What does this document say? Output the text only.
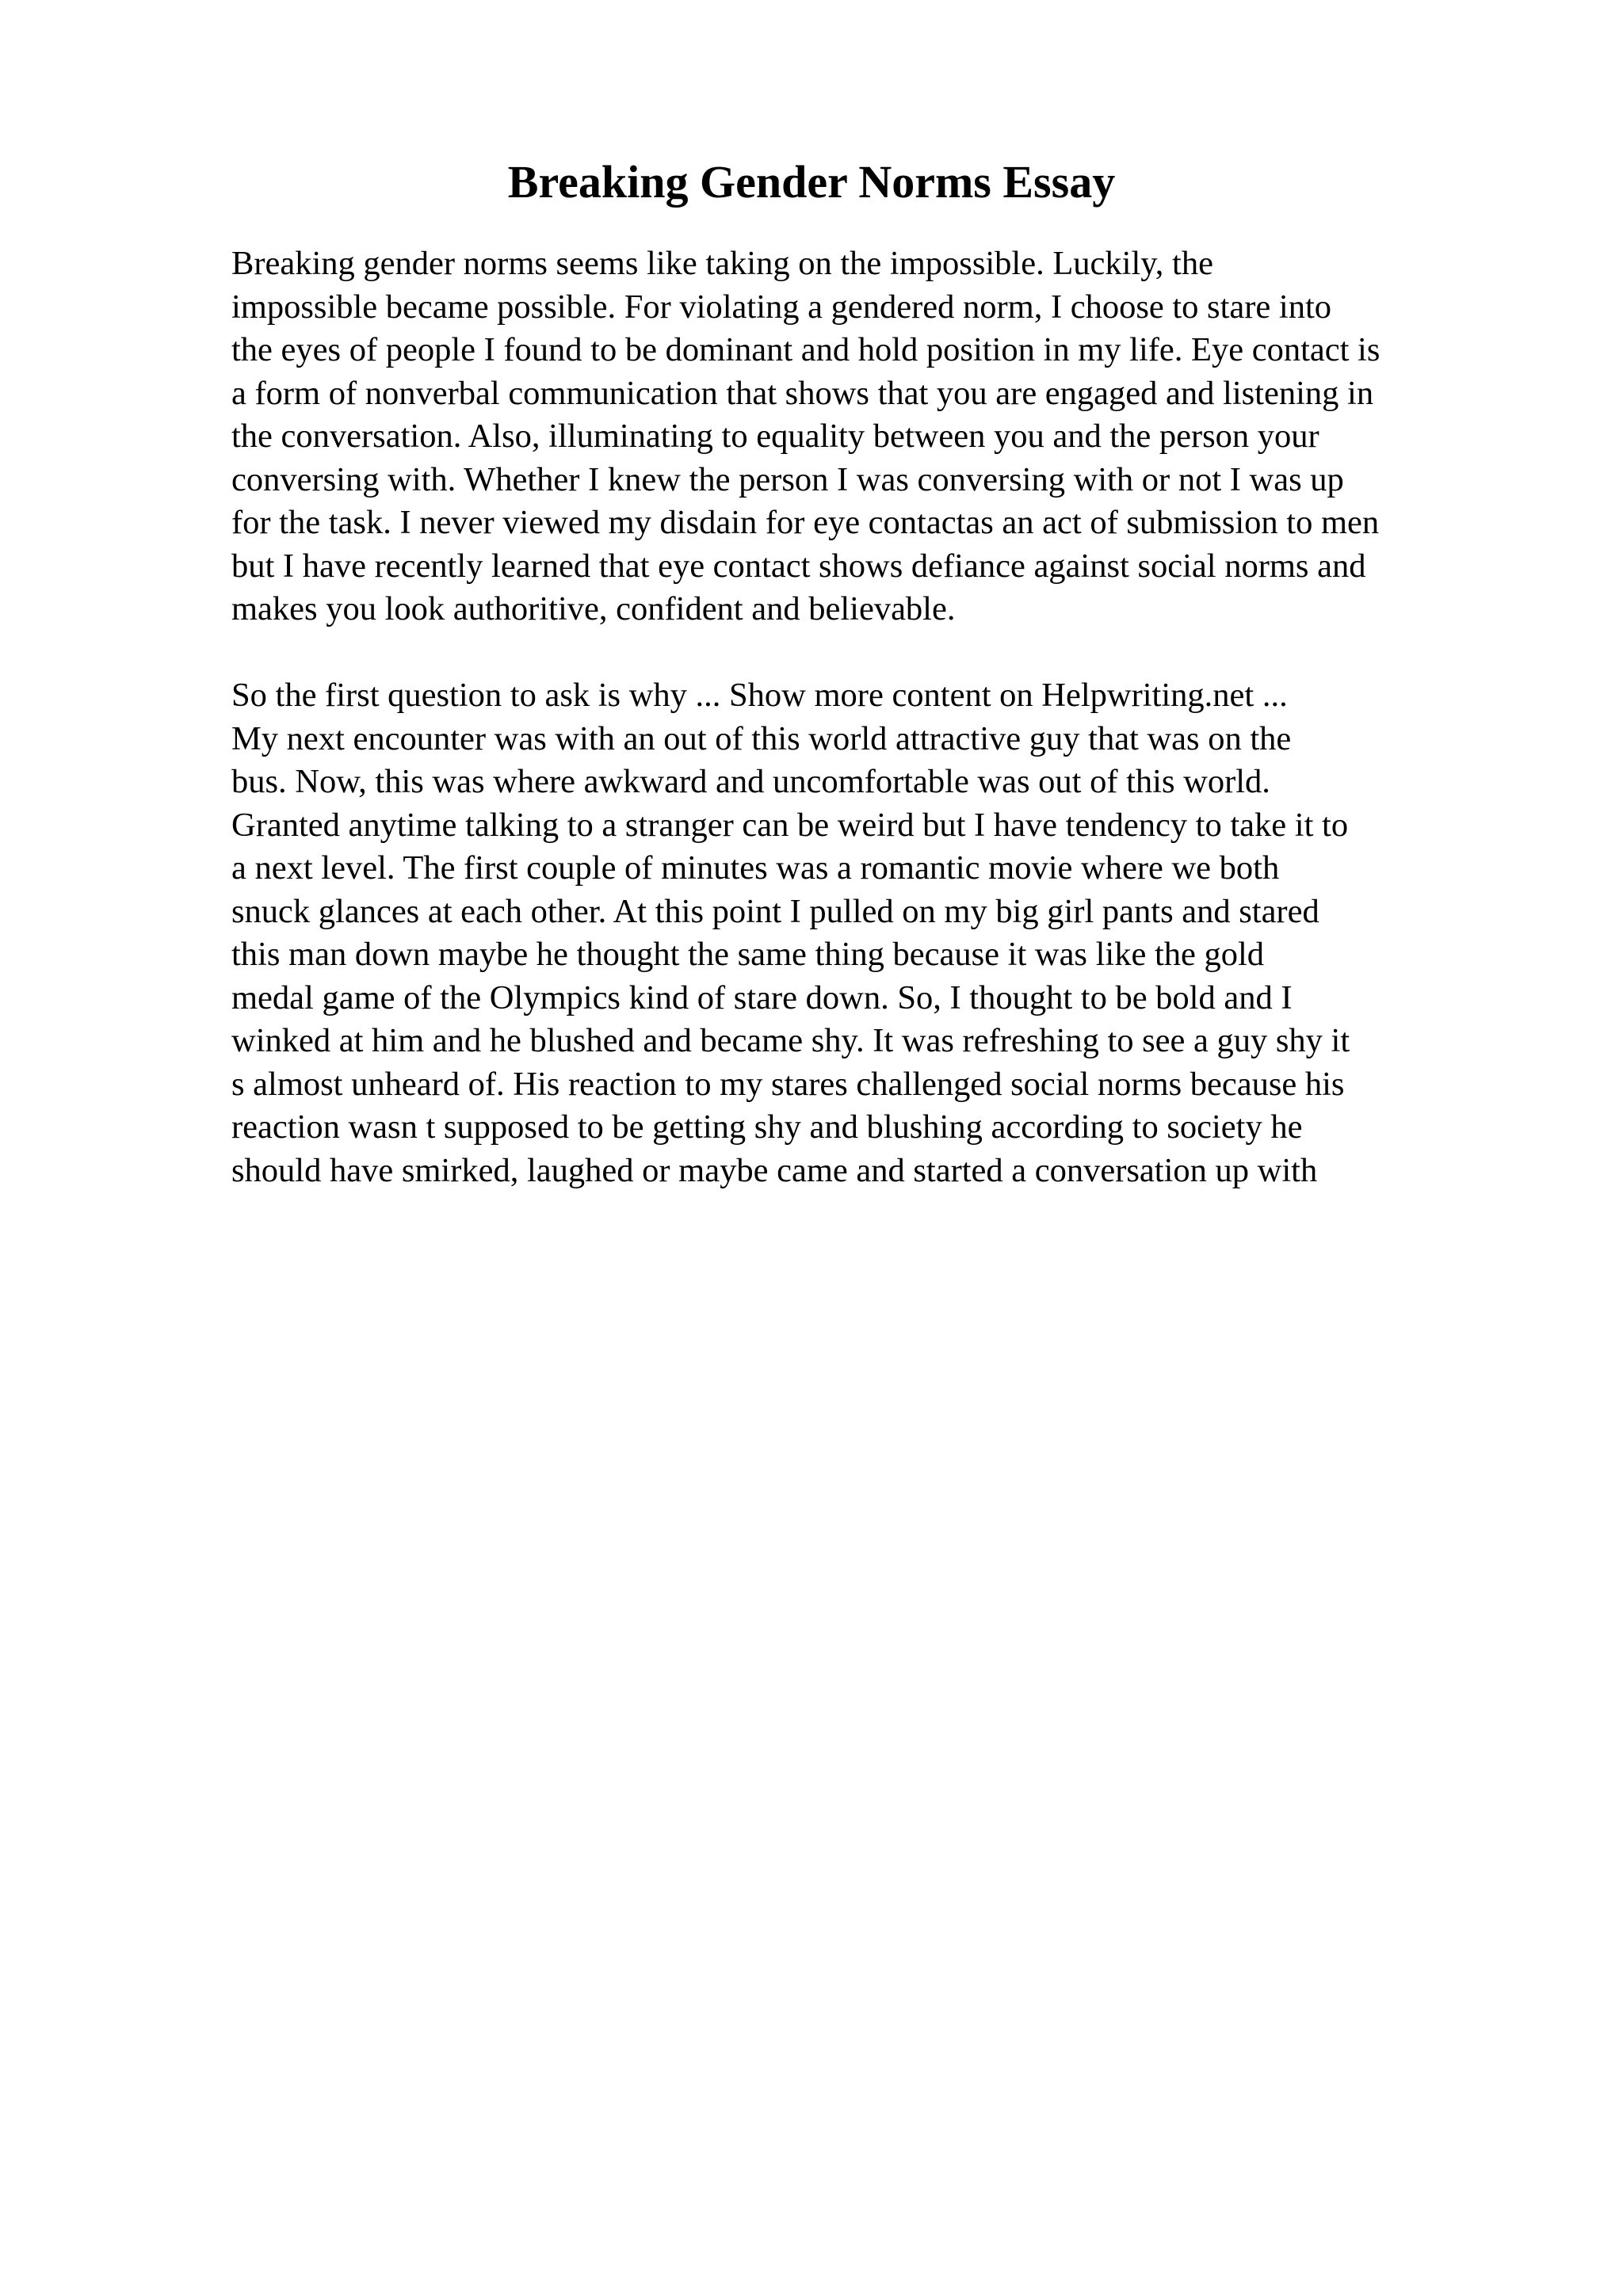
Breaking Gender Norms Essay
Breaking gender norms seems like taking on the impossible. Luckily, the
impossible became possible. For violating a gendered norm, I choose to stare into
the eyes of people I found to be dominant and hold position in my life. Eye contact is
a form of nonverbal communication that shows that you are engaged and listening in
the conversation. Also, illuminating to equality between you and the person your
conversing with. Whether I knew the person I was conversing with or not I was up
for the task. I never viewed my disdain for eye contactas an act of submission to men
but I have recently learned that eye contact shows defiance against social norms and
makes you look authoritive, confident and believable.
So the first question to ask is why ... Show more content on Helpwriting.net ...
My next encounter was with an out of this world attractive guy that was on the
bus. Now, this was where awkward and uncomfortable was out of this world.
Granted anytime talking to a stranger can be weird but I have tendency to take it to
a next level. The first couple of minutes was a romantic movie where we both
snuck glances at each other. At this point I pulled on my big girl pants and stared
this man down maybe he thought the same thing because it was like the gold
medal game of the Olympics kind of stare down. So, I thought to be bold and I
winked at him and he blushed and became shy. It was refreshing to see a guy shy it
s almost unheard of. His reaction to my stares challenged social norms because his
reaction wasn t supposed to be getting shy and blushing according to society he
should have smirked, laughed or maybe came and started a conversation up with
